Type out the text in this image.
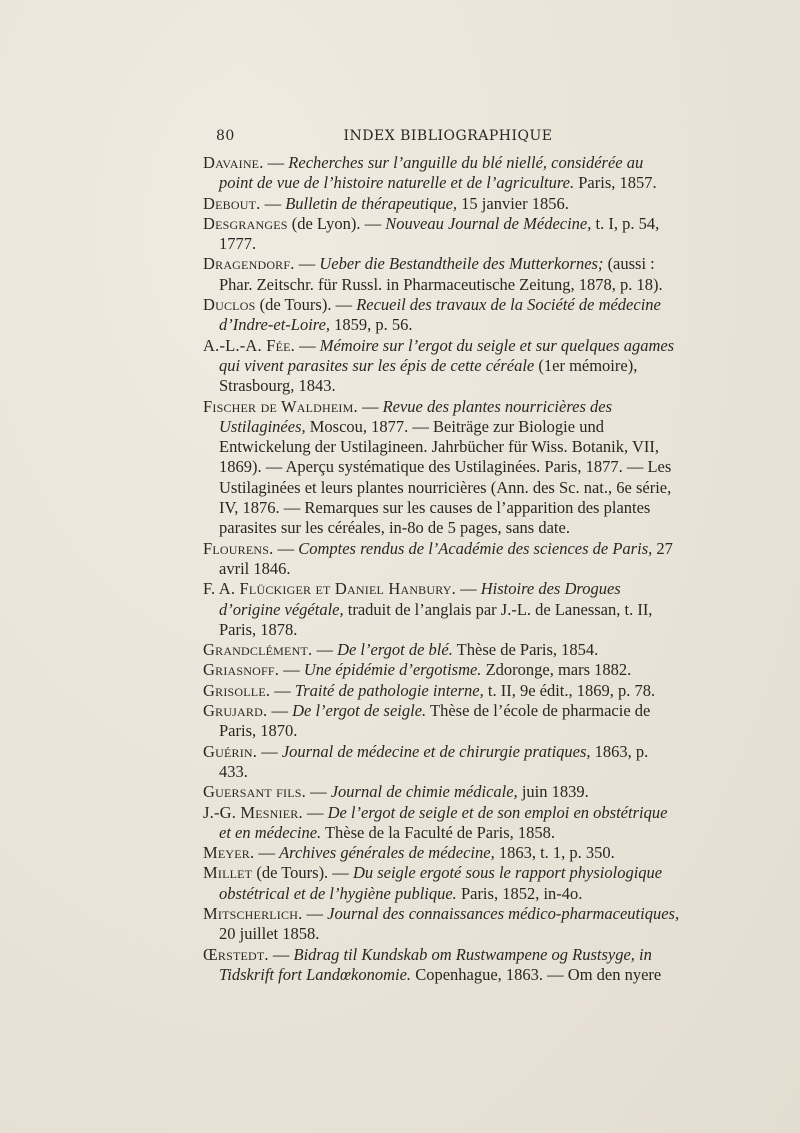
80	INDEX BIBLIOGRAPHIQUE

Davaine. — Recherches sur l’anguille du blé niellé, considérée au point de vue de l’histoire naturelle et de l’agriculture. Paris, 1857.

Debout. — Bulletin de thérapeutique, 15 janvier 1856.

Desgranges (de Lyon). — Nouveau Journal de Médecine, t. I, p. 54, 1777.

Dragendorf. — Ueber die Bestandtheile des Mutterkornes; (aussi : Phar. Zeitschr. für Russl. in Pharmaceutische Zeitung, 1878, p. 18).

Duclos (de Tours). — Recueil des travaux de la Société de médecine d’Indre-et-Loire, 1859, p. 56.

A.-L.-A. Fée. — Mémoire sur l’ergot du seigle et sur quelques agames qui vivent parasites sur les épis de cette céréale (1er mémoire), Strasbourg, 1843.

Fischer de Waldheim. — Revue des plantes nourricières des Ustilaginées, Moscou, 1877. — Beiträge zur Biologie und Entwickelung der Ustilagineen. Jahrbücher für Wiss. Botanik, VII, 1869). — Aperçu systématique des Ustilaginées. Paris, 1877. — Les Ustilaginées et leurs plantes nourricières (Ann. des Sc. nat., 6e série, IV, 1876. — Remarques sur les causes de l’apparition des plantes parasites sur les céréales, in-8o de 5 pages, sans date.

Flourens. — Comptes rendus de l’Académie des sciences de Paris, 27 avril 1846.

F. A. Flückiger et Daniel Hanbury. — Histoire des Drogues d’origine végétale, traduit de l’anglais par J.-L. de Lanessan, t. II, Paris, 1878.

Grandclément. — De l’ergot de blé. Thèse de Paris, 1854.

Griasnoff. — Une épidémie d’ergotisme. Zdoronge, mars 1882.

Grisolle. — Traité de pathologie interne, t. II, 9e édit., 1869, p. 78.

Grujard. — De l’ergot de seigle. Thèse de l’école de pharmacie de Paris, 1870.

Guérin. — Journal de médecine et de chirurgie pratiques, 1863, p. 433.

Guersant fils. — Journal de chimie médicale, juin 1839.

J.-G. Mesnier. — De l’ergot de seigle et de son emploi en obstétrique et en médecine. Thèse de la Faculté de Paris, 1858.

Meyer. — Archives générales de médecine, 1863, t. 1, p. 350.

Millet (de Tours). — Du seigle ergoté sous le rapport physiologique obstétrical et de l’hygiène publique. Paris, 1852, in-4o.

Mitscherlich. — Journal des connaissances médico-pharmaceutiques, 20 juillet 1858.

Œrstedt. — Bidrag til Kundskab om Rustwampene og Rustsyge, in Tidskrift fort Landœkonomie. Copenhague, 1863. — Om den nyere
